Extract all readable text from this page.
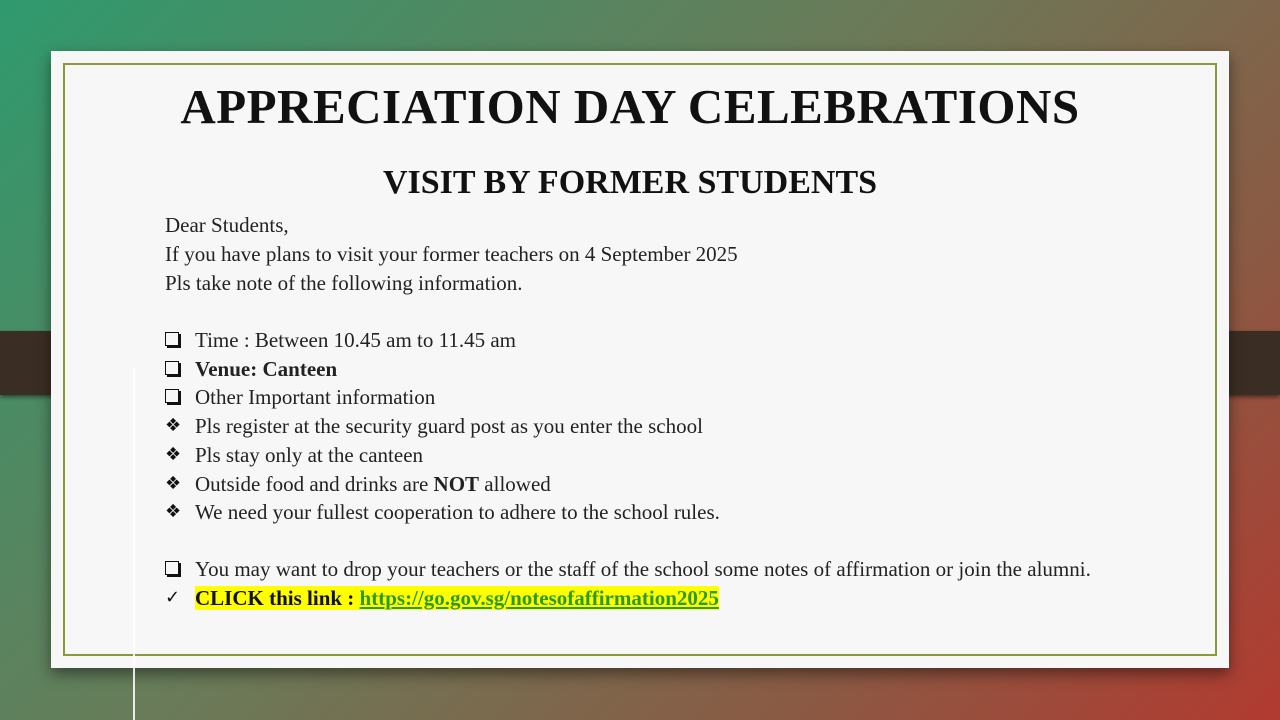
APPRECIATION DAY CELEBRATIONS
VISIT BY FORMER STUDENTS
Dear Students,
If you have plans to visit your former teachers on 4 September 2025
Pls take note of the following information.
Time : Between 10.45 am to 11.45 am
Venue: Canteen
Other Important information
❖ Pls register at the security guard post as you enter the school
❖ Pls stay only at the canteen
❖ Outside food and drinks are NOT allowed
❖ We need your fullest cooperation to adhere to the school rules.
You may want to drop your teachers or the staff of the school some notes of affirmation or join the alumni.
✓ CLICK this link : https://go.gov.sg/notesofaffirmation2025
